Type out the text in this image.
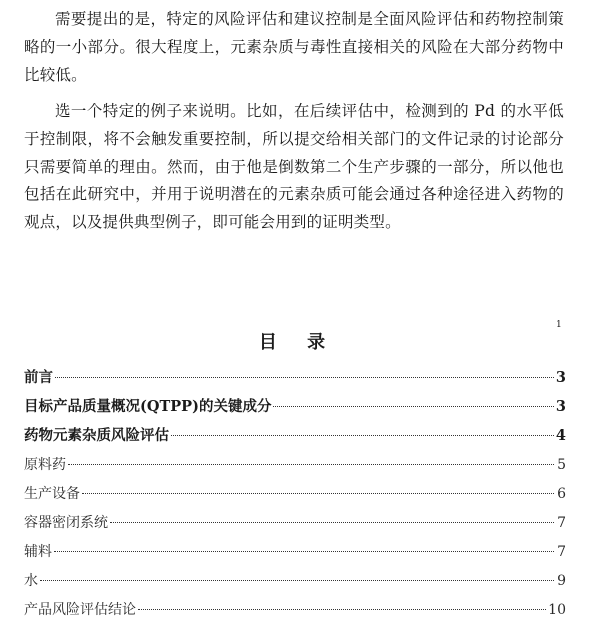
需要提出的是，特定的风险评估和建议控制是全面风险评估和药物控制策略的一小部分。很大程度上，元素杂质与毒性直接相关的风险在大部分药物中比较低。

选一个特定的例子来说明。比如，在后续评估中，检测到的 Pd 的水平低于控制限，将不会触发重要控制，所以提交给相关部门的文件记录的讨论部分只需要简单的理由。然而，由于他是倒数第二个生产步骤的一部分，所以他也包括在此研究中，并用于说明潜在的元素杂质可能会通过各种途径进入药物的观点，以及提供典型例子，即可能会用到的证明类型。

1
目 录
前言	3
目标产品质量概况(QTPP)的关键成分	3
药物元素杂质风险评估	4
原料药	5
生产设备	6
容器密闭系统	7
辅料	7
水	9
产品风险评估结论	10
